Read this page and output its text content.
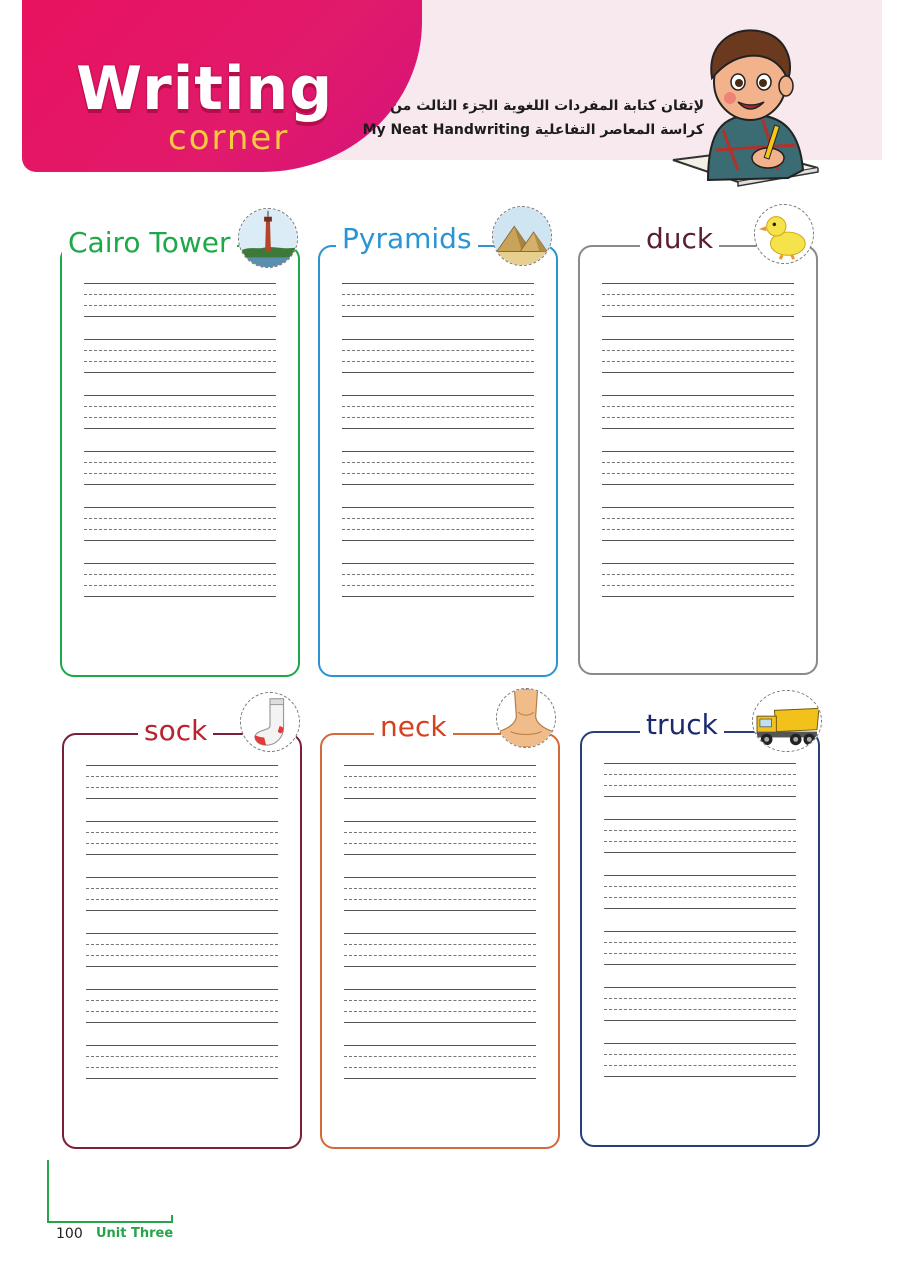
Writing
corner
لإتقان كتابة المفردات اللغوية الجزء الثالث من
My Neat Handwriting كراسة المعاصر التفاعلية
Cairo Tower	Pyramids	duck
sock	neck	truck
100 Unit Three
